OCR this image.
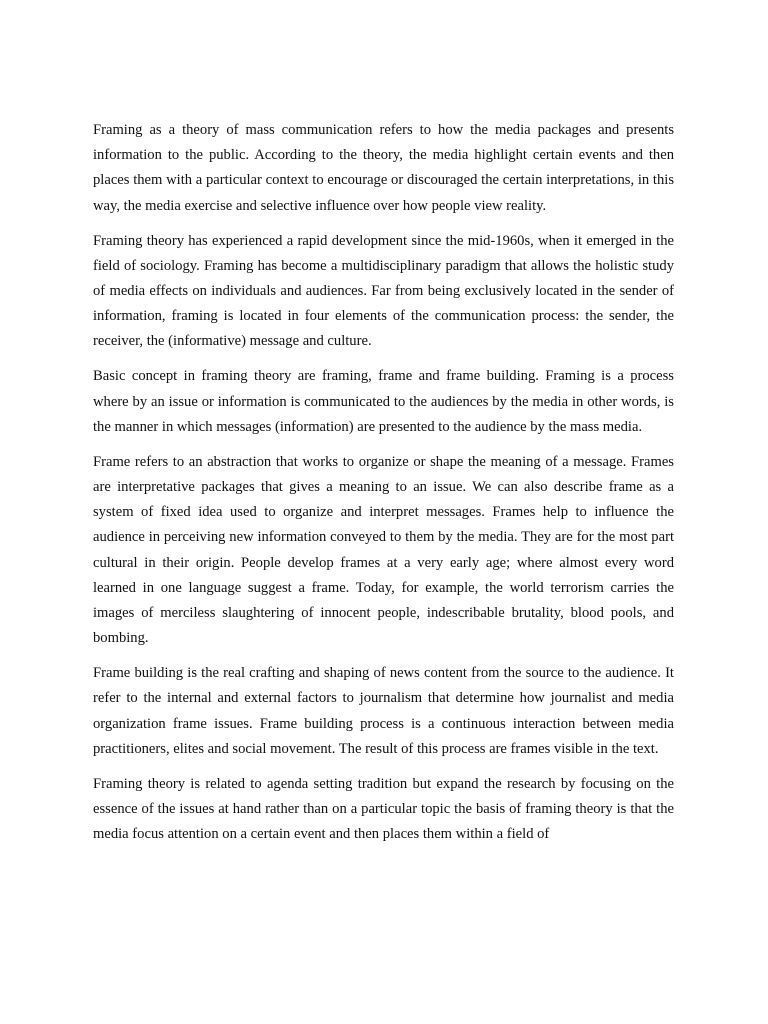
Framing as a theory of mass communication refers to how the media packages and presents information to the public. According to the theory, the media highlight certain events and then places them with a particular context to encourage or discouraged the certain interpretations, in this way, the media exercise and selective influence over how people view reality.

Framing theory has experienced a rapid development since the mid-1960s, when it emerged in the field of sociology. Framing has become a multidisciplinary paradigm that allows the holistic study of media effects on individuals and audiences. Far from being exclusively located in the sender of information, framing is located in four elements of the communication process: the sender, the receiver, the (informative) message and culture.

Basic concept in framing theory are framing, frame and frame building. Framing is a process where by an issue or information is communicated to the audiences by the media in other words, is the manner in which messages (information) are presented to the audience by the mass media.

Frame refers to an abstraction that works to organize or shape the meaning of a message. Frames are interpretative packages that gives a meaning to an issue. We can also describe frame as a system of fixed idea used to organize and interpret messages. Frames help to influence the audience in perceiving new information conveyed to them by the media. They are for the most part cultural in their origin. People develop frames at a very early age; where almost every word learned in one language suggest a frame. Today, for example, the world terrorism carries the images of merciless slaughtering of innocent people, indescribable brutality, blood pools, and bombing.

Frame building is the real crafting and shaping of news content from the source to the audience. It refer to the internal and external factors to journalism that determine how journalist and media organization frame issues. Frame building process is a continuous interaction between media practitioners, elites and social movement. The result of this process are frames visible in the text.

Framing theory is related to agenda setting tradition but expand the research by focusing on the essence of the issues at hand rather than on a particular topic the basis of framing theory is that the media focus attention on a certain event and then places them within a field of
